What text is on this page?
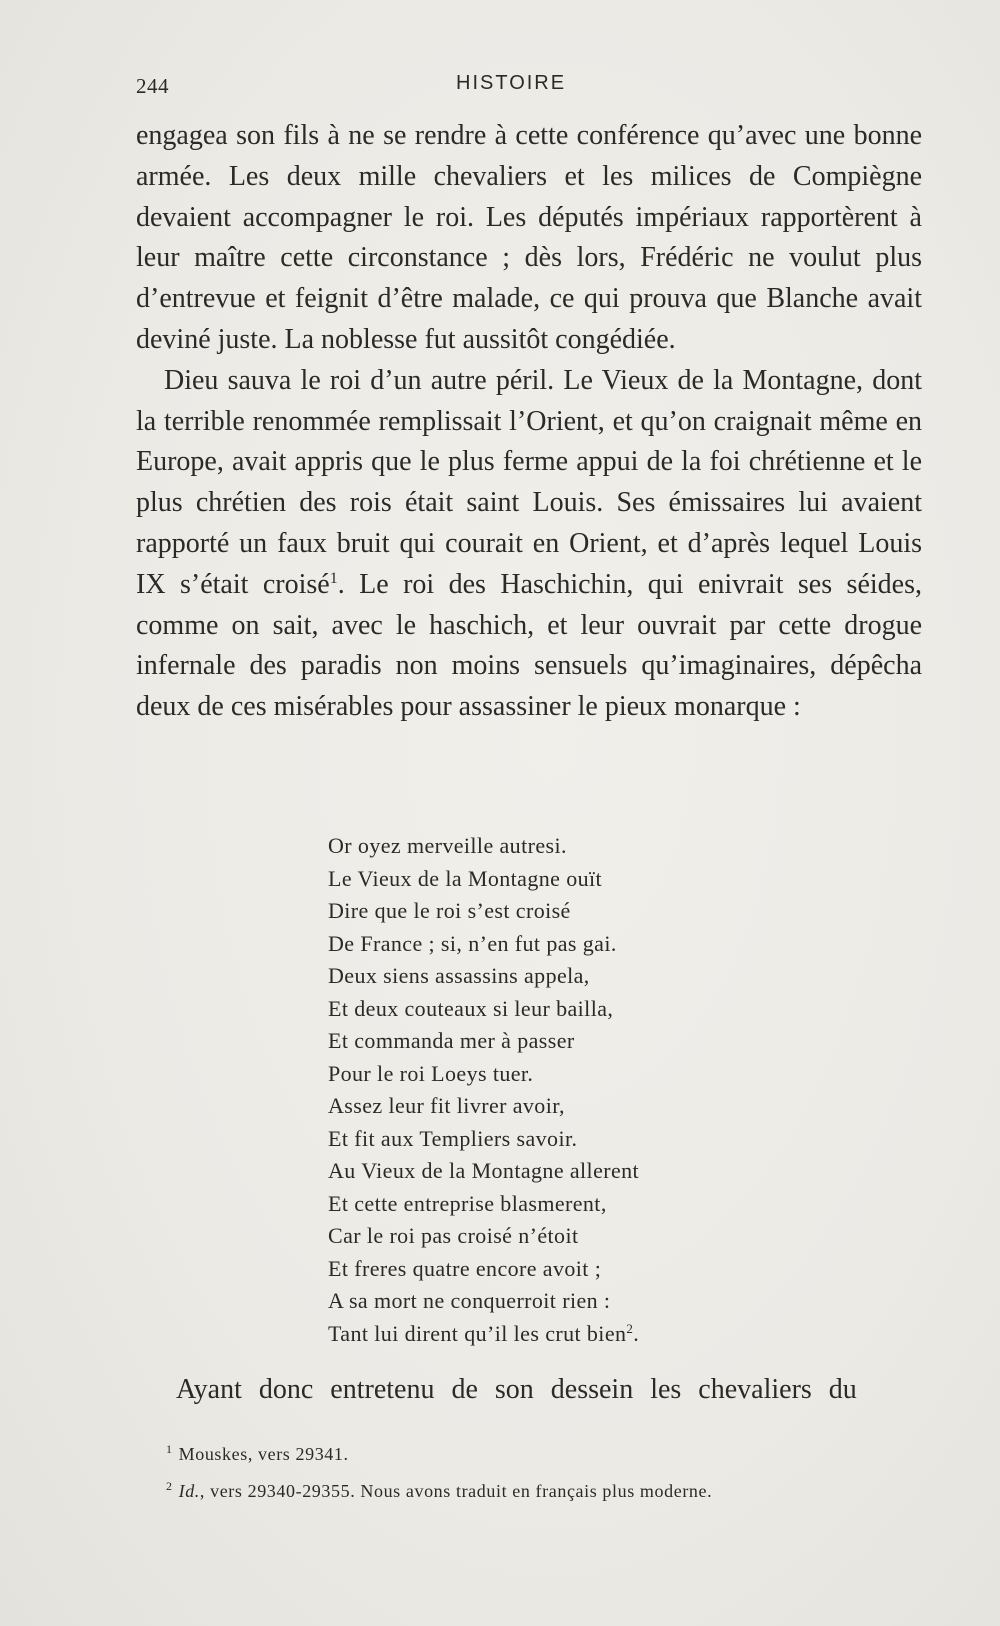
244	HISTOIRE

engagea son fils à ne se rendre à cette conférence qu’avec une bonne armée. Les deux mille chevaliers et les milices de Compiègne devaient accompagner le roi. Les députés impériaux rapportèrent à leur maître cette circonstance ; dès lors, Frédéric ne voulut plus d’entrevue et feignit d’être malade, ce qui prouva que Blanche avait deviné juste. La noblesse fut aussitôt congédiée.

Dieu sauva le roi d’un autre péril. Le Vieux de la Montagne, dont la terrible renommée remplissait l’Orient, et qu’on craignait même en Europe, avait appris que le plus ferme appui de la foi chrétienne et le plus chrétien des rois était saint Louis. Ses émissaires lui avaient rapporté un faux bruit qui courait en Orient, et d’après lequel Louis IX s’était croisé$^1$. Le roi des Haschichin, qui enivrait ses séides, comme on sait, avec le haschich, et leur ouvrait par cette drogue infernale des paradis non moins sensuels qu’imaginaires, dépêcha deux de ces misérables pour assassiner le pieux monarque :

Or oyez merveille autresi.
Le Vieux de la Montagne ouït
Dire que le roi s’est croisé
De France ; si, n’en fut pas gai.
Deux siens assassins appela,
Et deux couteaux si leur bailla,
Et commanda mer à passer
Pour le roi Loeys tuer.
Assez leur fit livrer avoir,
Et fit aux Templiers savoir.
Au Vieux de la Montagne allerent
Et cette entreprise blasmerent,
Car le roi pas croisé n’étoit
Et freres quatre encore avoit ;
A sa mort ne conquerroit rien :
Tant lui dirent qu’il les crut bien$^2$.
Ayant donc entretenu de son dessein les chevaliers du
$^1$ Mouskes, vers 29341.
$^2$ Id., vers 29340-29355. Nous avons traduit en français plus moderne.
